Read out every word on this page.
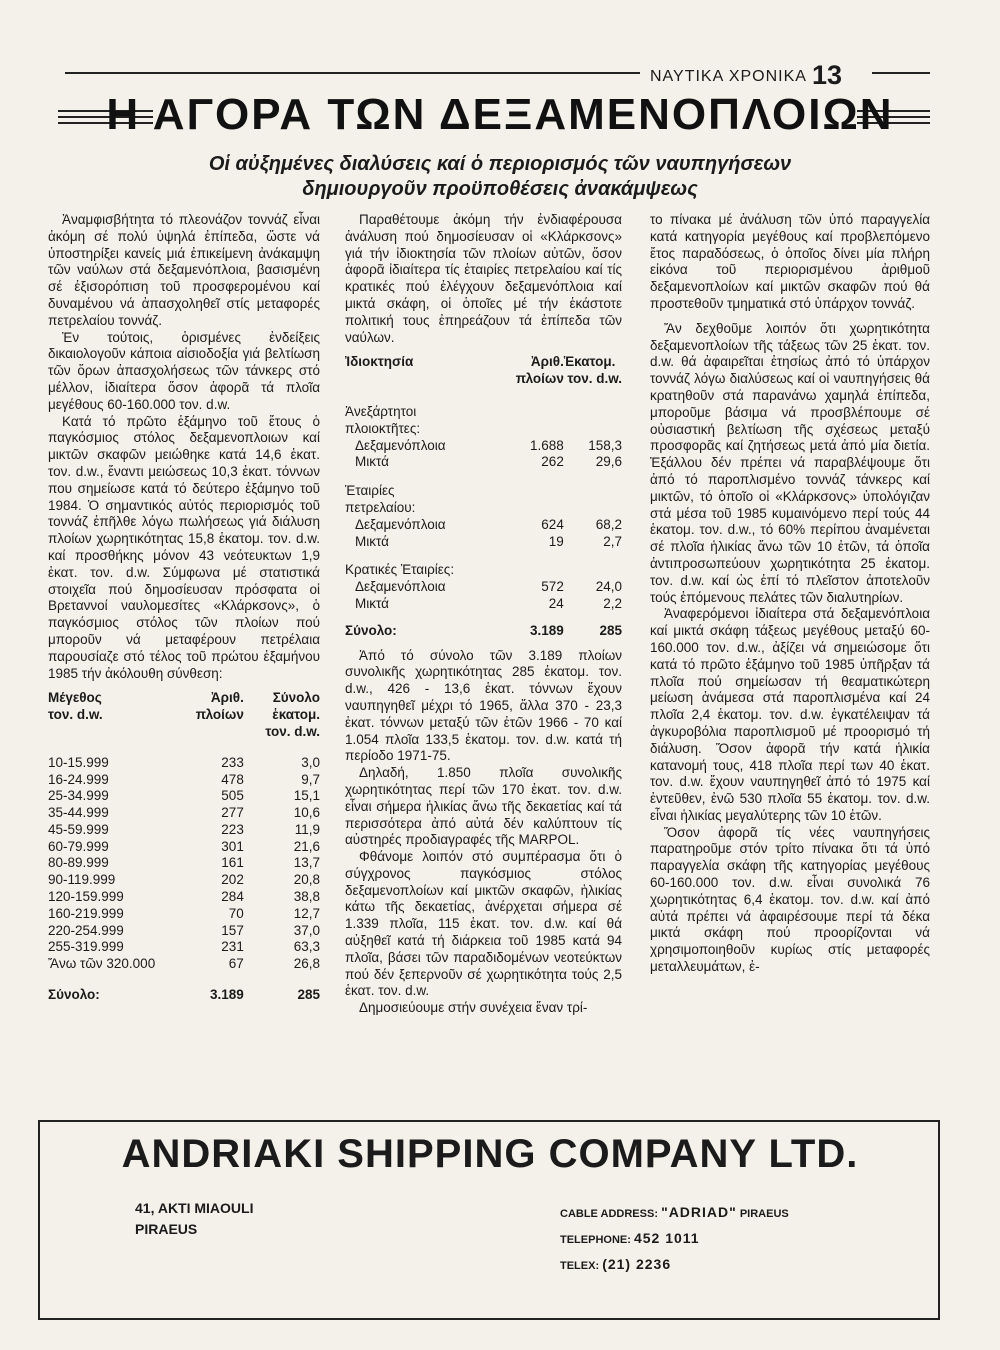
ΝΑΥΤΙΚΑ ΧΡΟΝΙΚΑ 13
Η ΑΓΟΡΑ ΤΩΝ ΔΕΞΑΜΕΝΟΠΛΟΙΩΝ
Οἱ αὐξημένες διαλύσεις καί ὁ περιορισμός τῶν ναυπηγήσεων
δημιουργοῦν προϋποθέσεις ἀνακάμψεως

Ἀναμφισβήτητα τό πλεονάζον τοννάζ εἶναι ἀκόμη σέ πολύ ὑψηλά ἐπίπεδα, ὥστε νά ὑποστηρίξει κανείς μιά ἐπικείμενη ἀνάκαμψη τῶν ναύλων στά δεξαμενόπλοια, βασισμένη σέ ἐξισορόπιση τοῦ προσφερομένου καί δυναμένου νά ἀπασχοληθεῖ στίς μεταφορές πετρελαίου τοννάζ.

Ἐν τούτοις, ὁρισμένες ἐνδείξεις δικαιολογοῦν κάποια αἰσιοδοξία γιά βελτίωση τῶν ὅρων ἀπασχολήσεως τῶν τάνκερς στό μέλλον, ἰδιαίτερα ὅσον ἀφορᾶ τά πλοῖα μεγέθους 60-160.000 τον. d.w.

Κατά τό πρῶτο ἑξάμηνο τοῦ ἔτους ὁ παγκόσμιος στόλος δεξαμενοπλοιων καί μικτῶν σκαφῶν μειώθηκε κατά 14,6 ἑκατ. τον. d.w., ἔναντι μειώσεως 10,3 ἑκατ. τόννων που σημείωσε κατά τό δεύτερο ἑξάμηνο τοῦ 1984. Ὁ σημαντικός αὐτός περιορισμός τοῦ τοννάζ ἐπῆλθε λόγω πωλήσεως γιά διάλυση πλοίων χωρητικότητας 15,8 ἑκατομ. τον. d.w. καί προσθήκης μόνον 43 νεότευκτων 1,9 ἑκατ. τον. d.w. Σύμφωνα μέ στατιστικά στοιχεῖα πού δημοσίευσαν πρόσφατα οἱ Βρεταννοί ναυλομεσίτες «Κλάρκσονς», ὁ παγκόσμιος στόλος τῶν πλοίων πού μποροῦν νά μεταφέρουν πετρέλαια παρουσίαζε στό τέλος τοῦ πρώτου ἑξαμήνου 1985 τήν ἀκόλουθη σύνθεση:

Μέγεθος	Ἀριθ.	Σύνολο
τον. d.w.	πλοίων	ἑκατομ.
		τον. d.w.

10-15.999	233	3,0
16-24.999	478	9,7
25-34.999	505	15,1
35-44.999	277	10,6
45-59.999	223	11,9
60-79.999	301	21,6
80-89.999	161	13,7
90-119.999	202	20,8
120-159.999	284	38,8
160-219.999	70	12,7
220-254.999	157	37,0
255-319.999	231	63,3
Ἄνω τῶν 320.000	67	26,8

Σύνολο:	3.189	285

Παραθέτουμε ἀκόμη τήν ἐνδιαφέρουσα ἀνάλυση πού δημοσίευσαν οἱ «Κλάρκσονς» γιά τήν ἰδιοκτησία τῶν πλοίων αὐτῶν, ὅσον ἀφορᾶ ἰδιαίτερα τίς ἑταιρίες πετρελαίου καί τίς κρατικές πού ἐλέγχουν δεξαμενόπλοια καί μικτά σκάφη, οἱ ὁποῖες μέ τήν ἑκάστοτε πολιτική τους ἐπηρεάζουν τά ἐπίπεδα τῶν ναύλων.

Ἰδιοκτησία	Ἀριθ.	Ἑκατομ.
	πλοίων	τον. d.w.

Ἀνεξάρτητοι		
πλοιοκτῆτες:		
Δεξαμενόπλοια	1.688	158,3
Μικτά	262	29,6

Ἑταιρίες		
πετρελαίου:		
Δεξαμενόπλοια	624	68,2
Μικτά	19	2,7

Κρατικές Ἑταιρίες:		
Δεξαμενόπλοια	572	24,0
Μικτά	24	2,2

Σύνολο:	3.189	285

Ἀπό τό σύνολο τῶν 3.189 πλοίων συνολικῆς χωρητικότητας 285 ἑκατομ. τον. d.w., 426 - 13,6 ἑκατ. τόννων ἔχουν ναυπηγηθεῖ μέχρι τό 1965, ἄλλα 370 - 23,3 ἑκατ. τόννων μεταξύ τῶν ἐτῶν 1966 - 70 καί 1.054 πλοῖα 133,5 ἑκατομ. τον. d.w. κατά τή περίοδο 1971-75.

Δηλαδή, 1.850 πλοῖα συνολικῆς χωρητικότητας περί τῶν 170 ἑκατ. τον. d.w. εἶναι σήμερα ἡλικίας ἄνω τῆς δεκαετίας καί τά περισσότερα ἀπό αὐτά δέν καλύπτουν τίς αὐστηρές προδιαγραφές τῆς MARPOL.

Φθάνομε λοιπόν στό συμπέρασμα ὅτι ὁ σύγχρονος παγκόσμιος στόλος δεξαμενοπλοίων καί μικτῶν σκαφῶν, ἡλικίας κάτω τῆς δεκαετίας, ἀνέρχεται σήμερα σέ 1.339 πλοῖα, 115 ἑκατ. τον. d.w. καί θά αὐξηθεῖ κατά τή διάρκεια τοῦ 1985 κατά 94 πλοῖα, βάσει τῶν παραδιδομένων νεοτεύκτων πού δέν ξεπερνοῦν σέ χωρητικότητα τούς 2,5 ἑκατ. τον. d.w.

Δημοσιεύουμε στήν συνέχεια ἕναν τρί-

το πίνακα μέ ἀνάλυση τῶν ὑπό παραγγελία κατά κατηγορία μεγέθους καί προβλεπόμενο ἔτος παραδόσεως, ὁ ὁποῖος δίνει μία πλήρη εἰκόνα τοῦ περιορισμένου ἀριθμοῦ δεξαμενοπλοίων καί μικτῶν σκαφῶν πού θά προστεθοῦν τμηματικά στό ὑπάρχον τοννάζ.

Ἄν δεχθοῦμε λοιπόν ὅτι χωρητικότητα δεξαμενοπλοίων τῆς τάξεως τῶν 25 ἑκατ. τον. d.w. θά ἀφαιρεῖται ἐτησίως ἀπό τό ὑπάρχον τοννάζ λόγω διαλύσεως καί οἱ ναυπηγήσεις θά κρατηθοῦν στά παρανάνω χαμηλά ἐπίπεδα, μποροῦμε βάσιμα νά προσβλέπουμε σέ οὐσιαστική βελτίωση τῆς σχέσεως μεταξύ προσφορᾶς καί ζητήσεως μετά ἀπό μία διετία. Ἐξάλλου δέν πρέπει νά παραβλέψουμε ὅτι ἀπό τό παροπλισμένο τοννάζ τάνκερς καί μικτῶν, τό ὁποῖο οἱ «Κλάρκσονς» ὑπολόγιζαν στά μέσα τοῦ 1985 κυμαινόμενο περί τούς 44 ἑκατομ. τον. d.w., τό 60% περίπου ἀναμένεται σέ πλοῖα ἡλικίας ἄνω τῶν 10 ἐτῶν, τά ὁποῖα ἀντιπροσωπεύουν χωρητικότητα 25 ἑκατομ. τον. d.w. καί ὡς ἐπί τό πλεῖστον ἀποτελοῦν τούς ἑπόμενους πελάτες τῶν διαλυτηρίων.

Ἀναφερόμενοι ἰδιαίτερα στά δεξαμενόπλοια καί μικτά σκάφη τάξεως μεγέθους μεταξύ 60-160.000 τον. d.w., ἀξίζει νά σημειώσομε ὅτι κατά τό πρῶτο ἑξάμηνο τοῦ 1985 ὑπῆρξαν τά πλοῖα πού σημείωσαν τή θεαματικώτερη μείωση ἀνάμεσα στά παροπλισμένα καί 24 πλοῖα 2,4 ἑκατομ. τον. d.w. ἐγκατέλειψαν τά ἀγκυροβόλια παροπλισμοῦ μέ προορισμό τή διάλυση. Ὅσον ἀφορᾶ τήν κατά ἡλικία κατανομή τους, 418 πλοῖα περί των 40 ἑκατ. τον. d.w. ἔχουν ναυπηγηθεῖ ἀπό τό 1975 καί ἐντεῦθεν, ἐνῶ 530 πλοῖα 55 ἑκατομ. τον. d.w. εἶναι ἡλικίας μεγαλύτερης τῶν 10 ἐτῶν.

Ὅσον ἀφορᾶ τίς νέες ναυπηγήσεις παρατηροῦμε στόν τρίτο πίνακα ὅτι τά ὑπό παραγγελία σκάφη τῆς κατηγορίας μεγέθους 60-160.000 τον. d.w. εἶναι συνολικά 76 χωρητικότητας 6,4 ἑκατομ. τον. d.w. καί ἀπό αὐτά πρέπει νά ἀφαιρέσουμε περί τά δέκα μικτά σκάφη πού προορίζονται νά χρησιμοποιηθοῦν κυρίως στίς μεταφορές μεταλλευμάτων, ἐ-

ANDRIAKI SHIPPING COMPANY LTD.
41, AKTI MIAOULI
PIRAEUS
CABLE ADDRESS: "ADRIAD" PIRAEUS
TELEPHONE: 452 1011
TELEX: (21) 2236
